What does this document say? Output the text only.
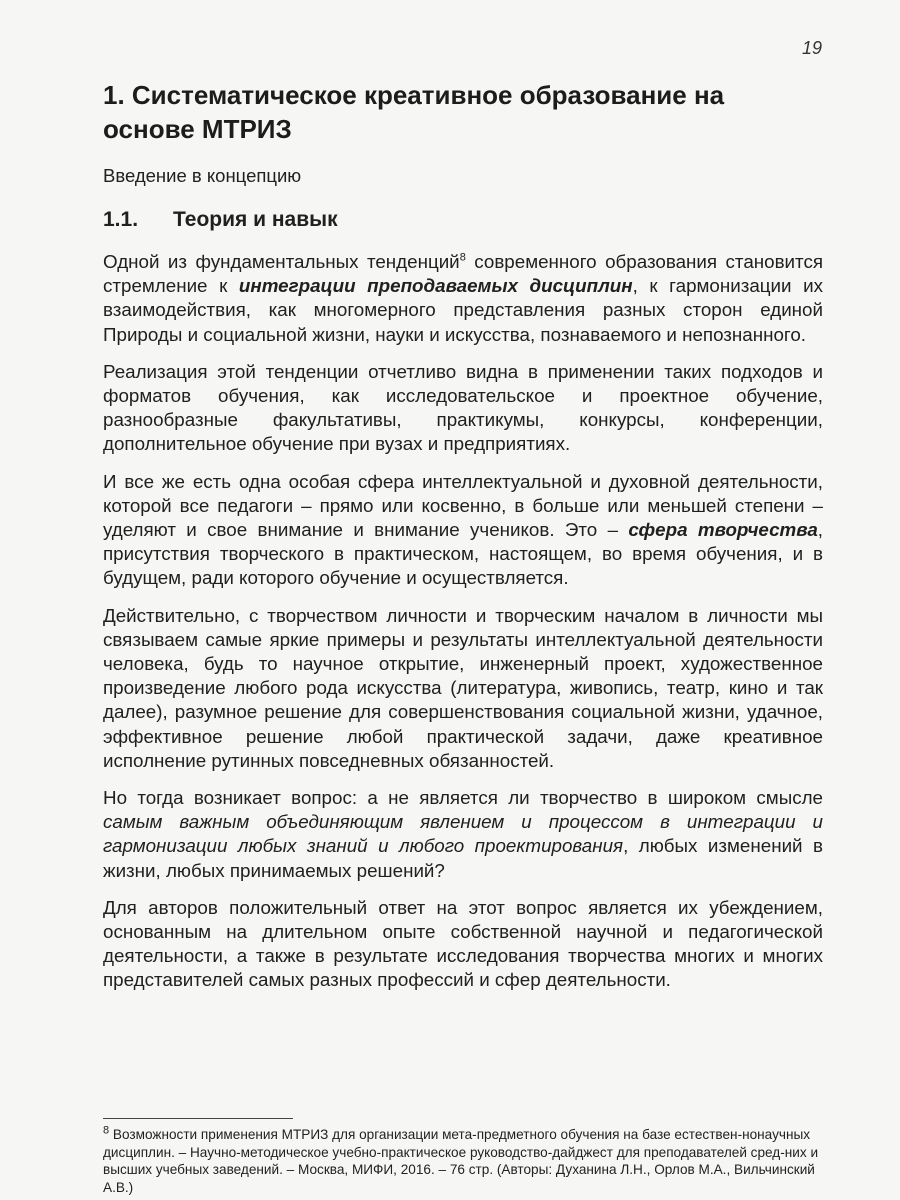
19
1. Систематическое креативное образование на основе МТРИЗ
Введение в концепцию
1.1.	Теория и навык

Одной из фундаментальных тенденций$^8$ современного образования становится стремление к интеграции преподаваемых дисциплин, к гармонизации их взаимодействия, как многомерного представления разных сторон единой Природы и социальной жизни, науки и искусства, познаваемого и непознанного.

Реализация этой тенденции отчетливо видна в применении таких подходов и форматов обучения, как исследовательское и проектное обучение, разнообразные факультативы, практикумы, конкурсы, конференции, дополнительное обучение при вузах и предприятиях.

И все же есть одна особая сфера интеллектуальной и духовной деятельности, которой все педагоги – прямо или косвенно, в больше или меньшей степени – уделяют и свое внимание и внимание учеников. Это – сфера творчества, присутствия творческого в практическом, настоящем, во время обучения, и в будущем, ради которого обучение и осуществляется.

Действительно, с творчеством личности и творческим началом в личности мы связываем самые яркие примеры и результаты интеллектуальной деятельности человека, будь то научное открытие, инженерный проект, художественное произведение любого рода искусства (литература, живопись, театр, кино и так далее), разумное решение для совершенствования социальной жизни, удачное, эффективное решение любой практической задачи, даже креативное исполнение рутинных повседневных обязанностей.

Но тогда возникает вопрос: а не является ли творчество в широком смысле самым важным объединяющим явлением и процессом в интеграции и гармонизации любых знаний и любого проектирования, любых изменений в жизни, любых принимаемых решений?

Для авторов положительный ответ на этот вопрос является их убеждением, основанным на длительном опыте собственной научной и педагогической деятельности, а также в результате исследования творчества многих и многих представителей самых разных профессий и сфер деятельности.

$^8$ Возможности применения МТРИЗ для организации мета-предметного обучения на базе естествен-нонаучных дисциплин. – Научно-методическое учебно-практическое руководство-дайджест для преподавателей сред-них и высших учебных заведений. – Москва, МИФИ, 2016. – 76 стр. (Авторы: Духанина Л.Н., Орлов М.А., Вильчинский А.В.)
